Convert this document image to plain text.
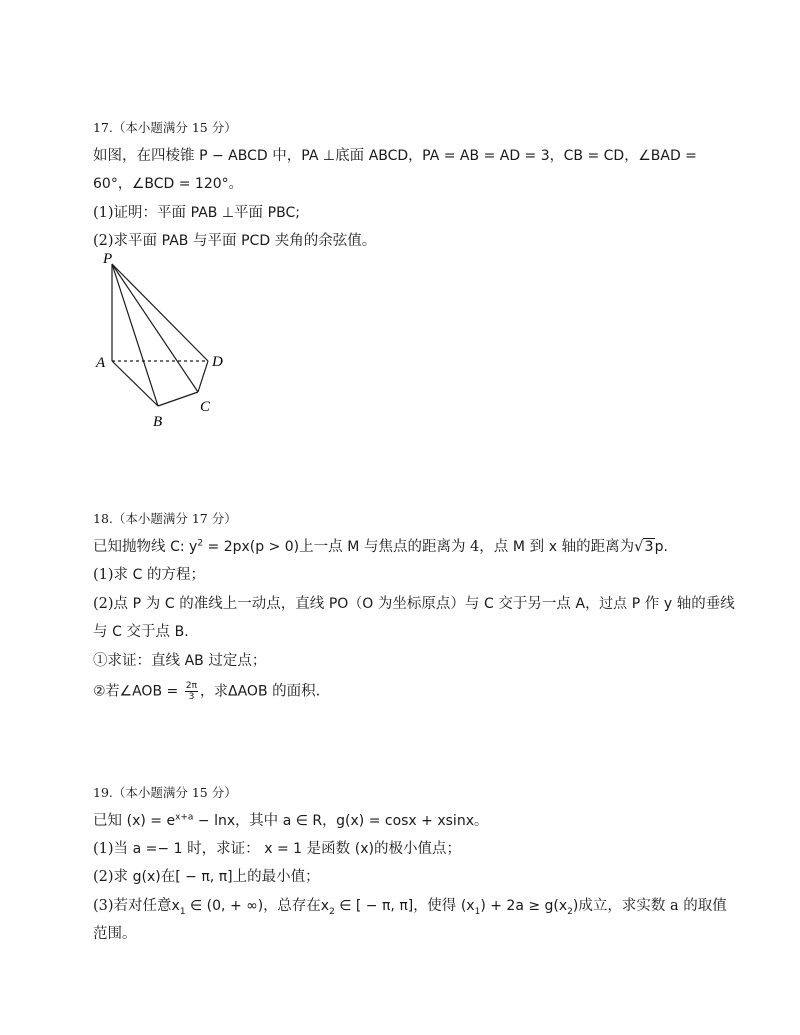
17.（本小题满分 15 分）
如图，在四棱锥 P − ABCD 中，PA ⊥底面 ABCD，PA = AB = AD = 3，CB = CD，∠BAD =
60°，∠BCD = 120°。
(1)证明：平面 PAB ⊥平面 PBC;
(2)求平面 PAB 与平面 PCD 夹角的余弦值。
P
A
B
C
D
18.（本小题满分 17 分）
已知抛物线 C: $y^2 = 2px(p > 0)$上一点 M 与焦点的距离为 4，点 M 到 x 轴的距离为√3p.
(1)求 C 的方程；
(2)点 P 为 C 的准线上一动点，直线 PO（O 为坐标原点）与 C 交于另一点 A，过点 P 作 y 轴的垂线
与 C 交于点 B.
①求证：直线 AB 过定点；
②若∠AOB = $\frac{2\pi}{3}$ ，求ΔAOB 的面积.
19.（本小题满分 15 分）
已知 $(x) = e^{x+a} - \ln x$，其中 a ∈ R，g(x) = cosx + xsinx。
(1)当 a =− 1 时，求证： x = 1 是函数 (x)的极小值点；
(2)求 g(x)在[ − π, π]上的最小值；
(3)若对任意$x_1$ ∈ (0, + ∞)，总存在$x_2$ ∈ [ − π, π]，使得 $(x_1) + 2a \ge g(x_2)$成立，求实数 a 的取值
范围。
